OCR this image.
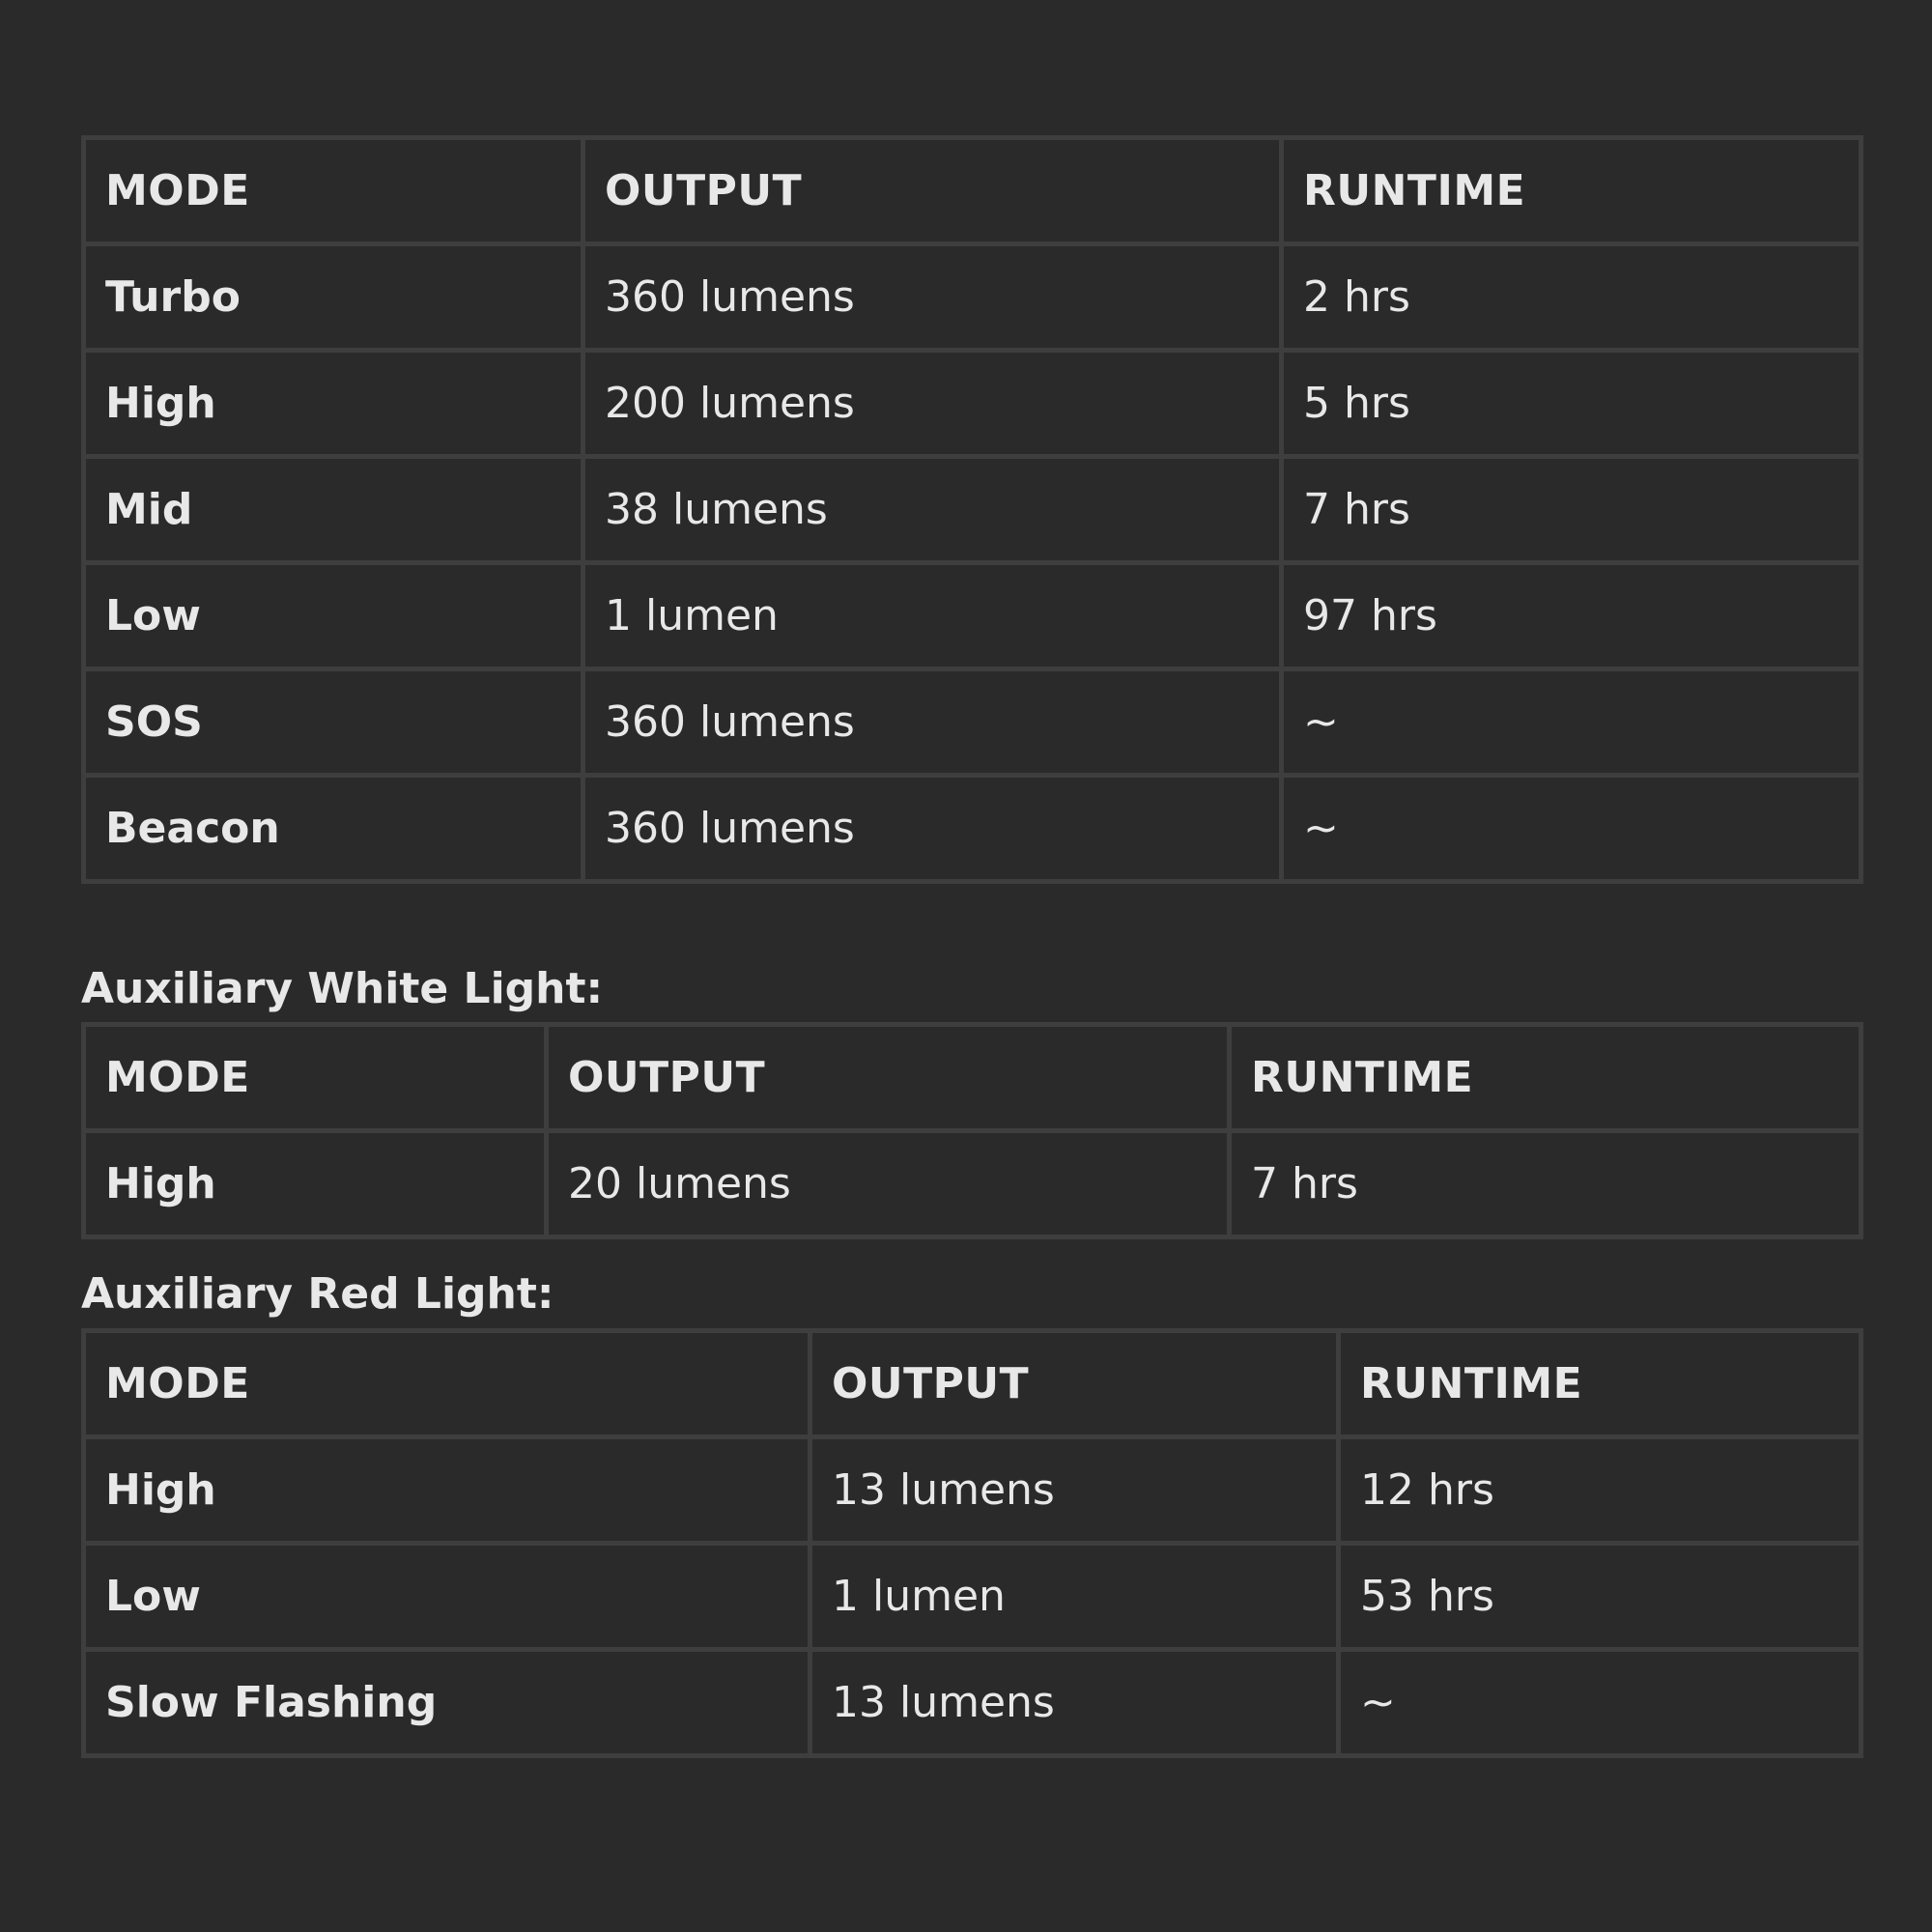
MODE	OUTPUT	RUNTIME
Turbo	360 lumens	2 hrs
High	200 lumens	5 hrs
Mid	38 lumens	7 hrs
Low	1 lumen	97 hrs
SOS	360 lumens	~
Beacon	360 lumens	~
Auxiliary White Light:
MODE	OUTPUT	RUNTIME
High	20 lumens	7 hrs
Auxiliary Red Light:
MODE	OUTPUT	RUNTIME
High	13 lumens	12 hrs
Low	1 lumen	53 hrs
Slow Flashing	13 lumens	~
